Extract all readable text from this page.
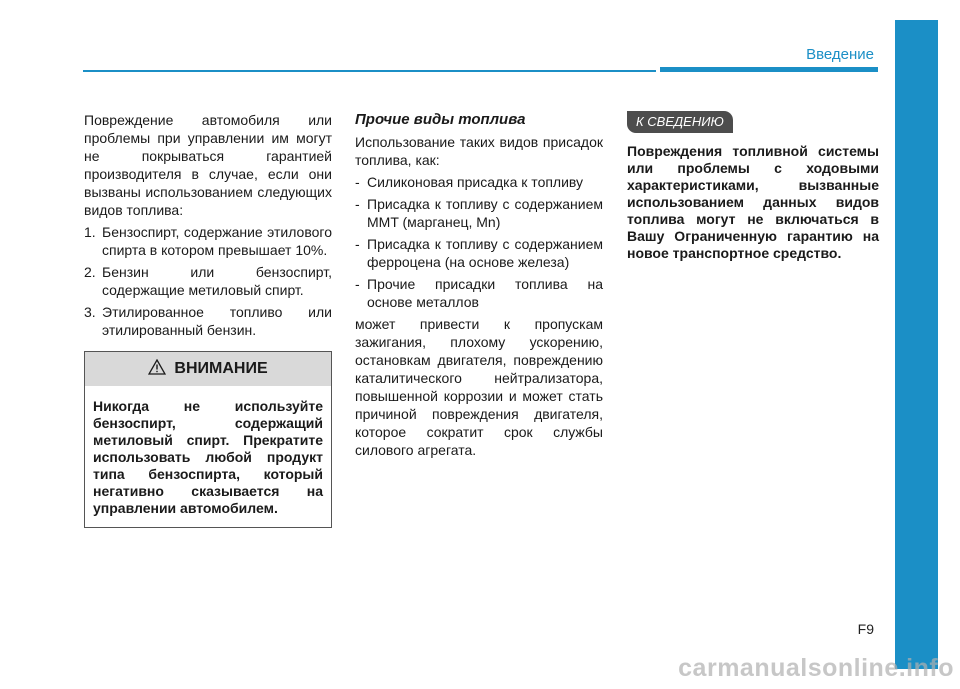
Введение

Повреждение автомобиля или проблемы при управлении им могут не покрываться гарантией производителя в случае, если они вызваны использованием следующих видов топлива:

1. Бензоспирт, содержание этилового спирта в котором превышает 10%.
2. Бензин или бензоспирт, содержащие метиловый спирт.
3. Этилированное топливо или этилированный бензин.
ВНИМАНИЕ
Никогда не используйте бензоспирт, содержащий метиловый спирт. Прекратите использовать любой продукт типа бензоспирта, который негативно сказывается на управлении автомобилем.
Прочие виды топлива

Использование таких видов присадок топлива, как:

- Силиконовая присадка к топливу
- Присадка к топливу с содержанием MMT (марганец, Mn)
- Присадка к топливу с содержанием ферроцена (на основе железа)
- Прочие присадки топлива на основе металлов

может привести к пропускам зажигания, плохому ускорению, остановкам двигателя, повреждению каталитического нейтрализатора, повышенной коррозии и может стать причиной повреждения двигателя, которое сократит срок службы силового агрегата.

К СВЕДЕНИЮ
Повреждения топливной системы или проблемы с ходовыми характеристиками, вызванные использованием данных видов топлива могут не включаться в Вашу Ограниченную гарантию на новое транспортное средство.
F9
carmanualsonline.info
